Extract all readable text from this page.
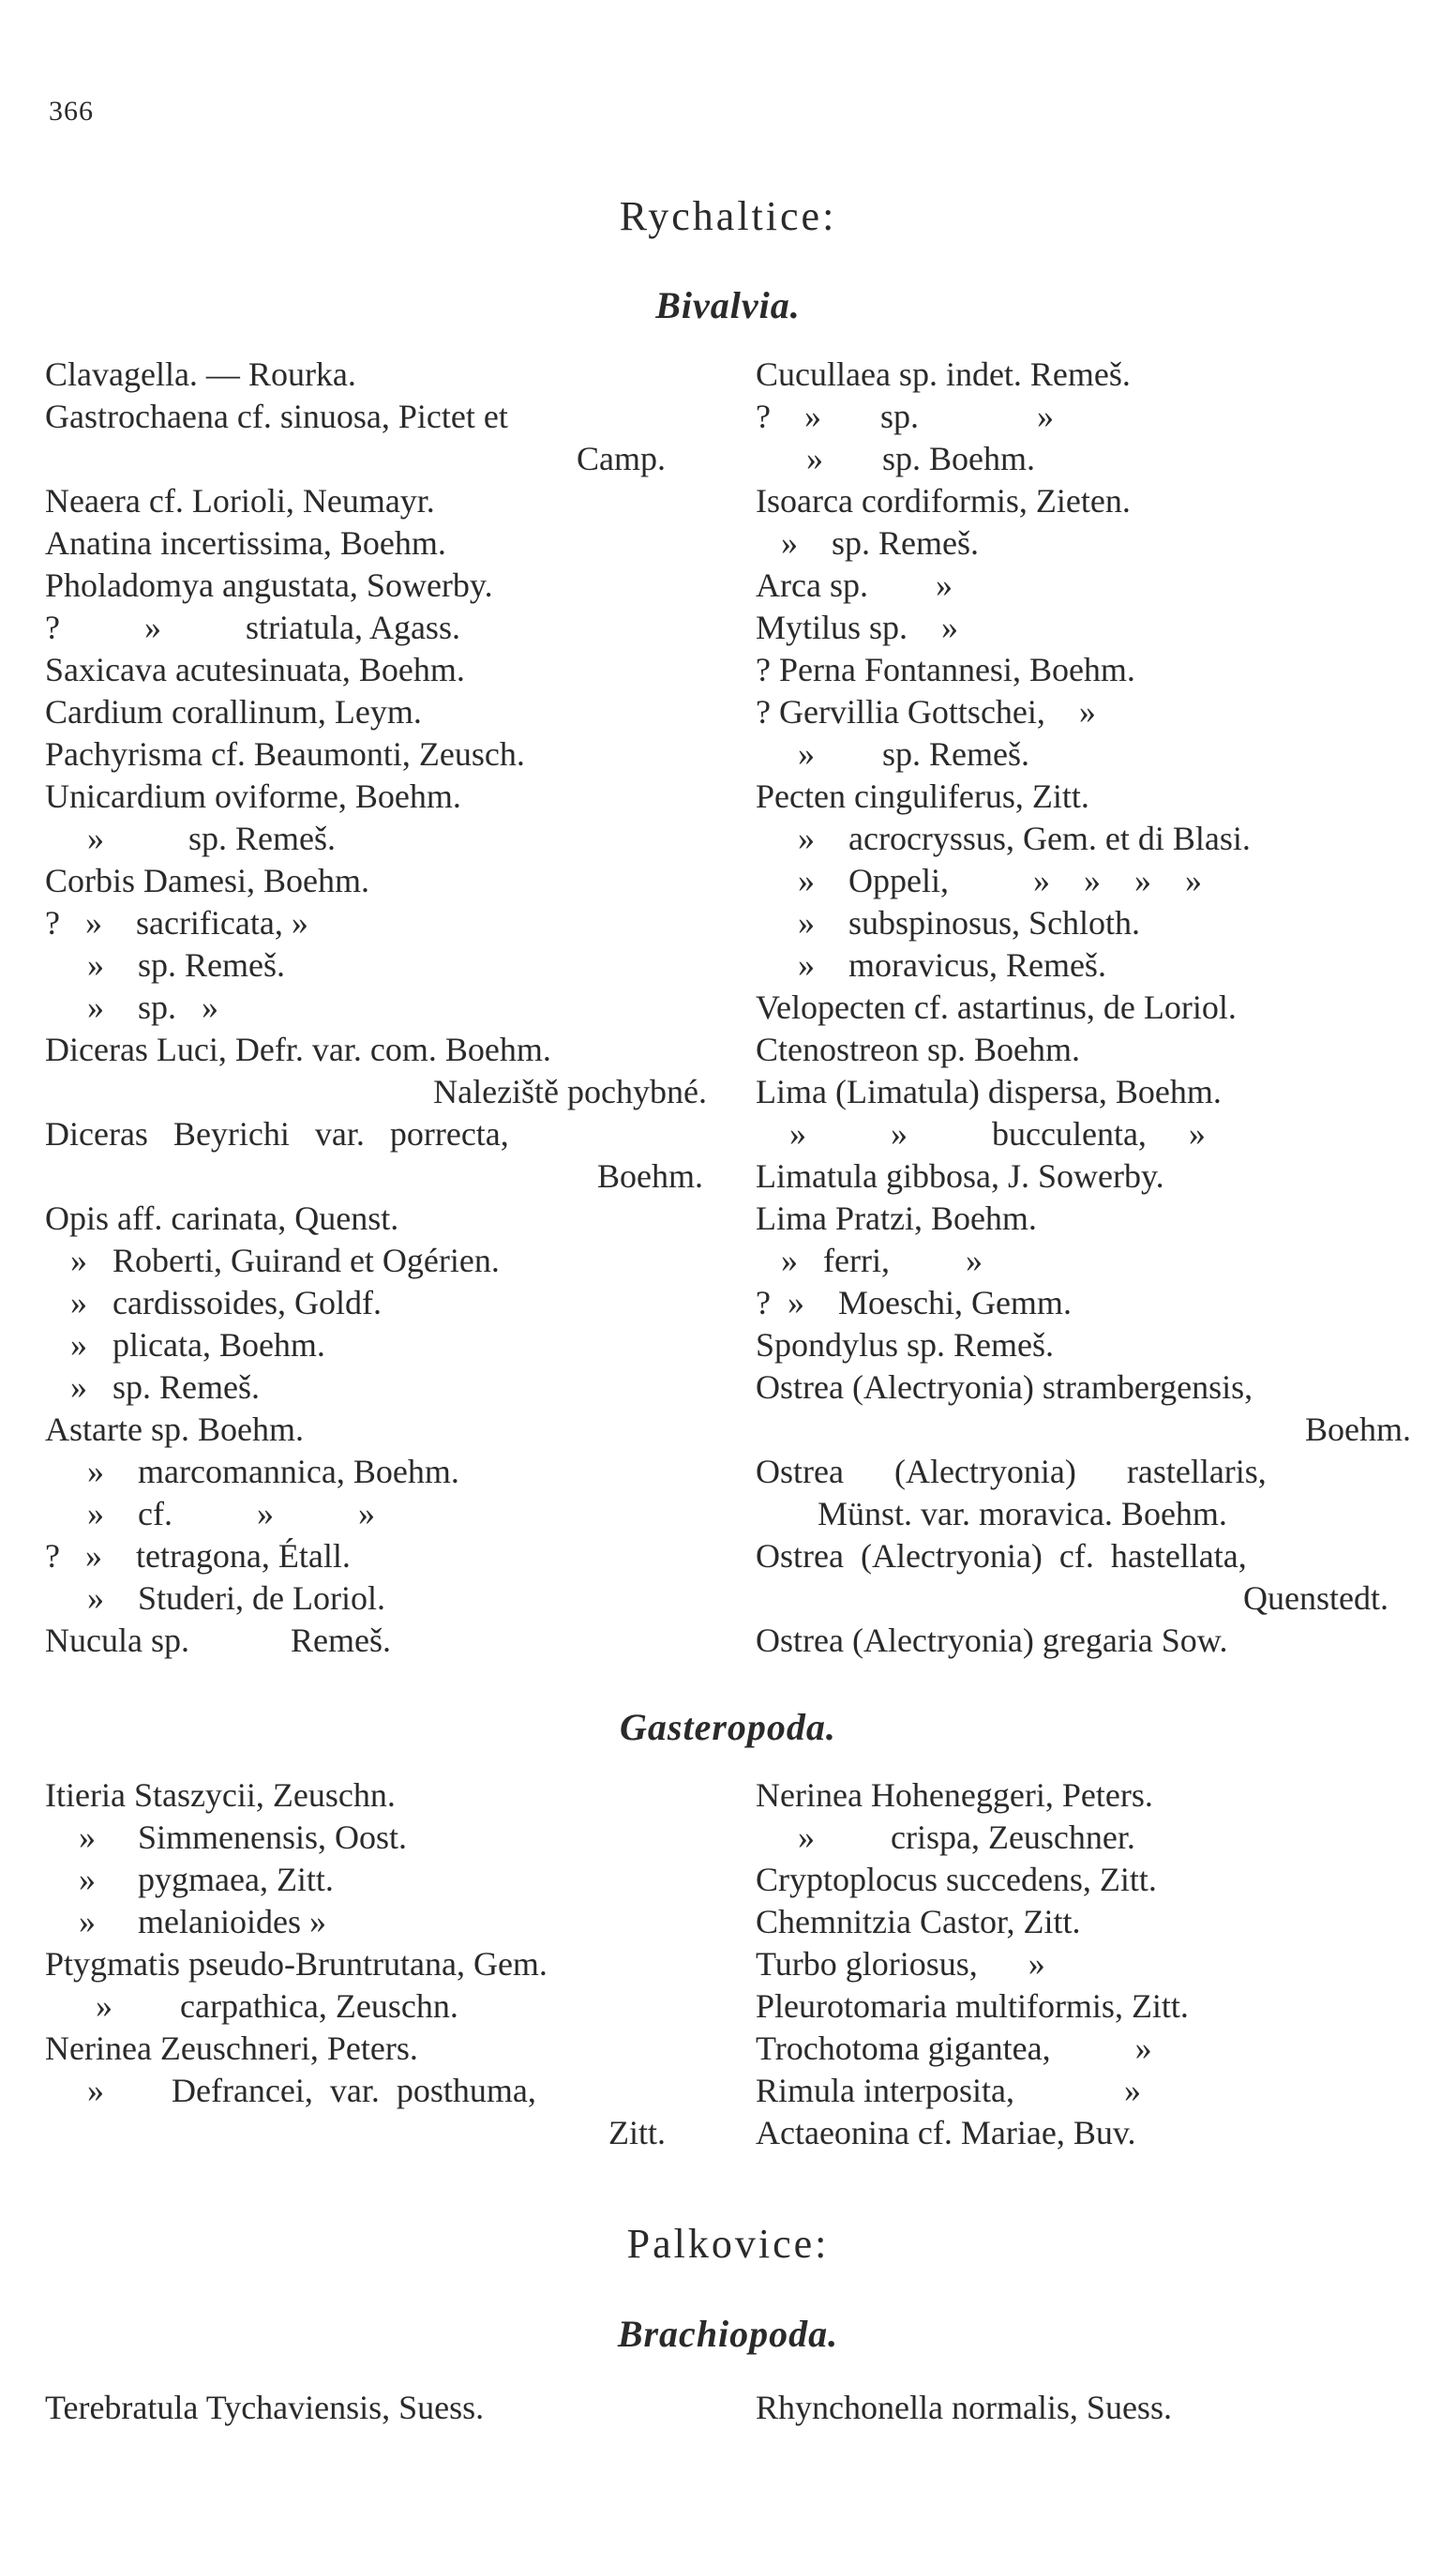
366
Rychaltice:
Bivalvia.
Clavagella. — Rourka.
Gastrochaena cf. sinuosa, Pictet et
Camp.
Neaera cf. Lorioli, Neumayr.
Anatina incertissima, Boehm.
Pholadomya angustata, Sowerby.
?          »          striatula, Agass.
Saxicava acutesinuata, Boehm.
Cardium corallinum, Leym.
Pachyrisma cf. Beaumonti, Zeusch.
Unicardium oviforme, Boehm.
»          sp. Remeš.
Corbis Damesi, Boehm.
?   »    sacrificata, »
»    sp. Remeš.
»    sp.   »
Diceras Luci, Defr. var. com. Boehm.
Naleziště pochybné.
Diceras   Beyrichi   var.   porrecta,
Boehm.
Opis aff. carinata, Quenst.
»   Roberti, Guirand et Ogérien.
»   cardissoides, Goldf.
»   plicata, Boehm.
»   sp. Remeš.
Astarte sp. Boehm.
»    marcomannica, Boehm.
»    cf.          »          »
?   »    tetragona, Étall.
»    Studeri, de Loriol.
Nucula sp.            Remeš.
Cucullaea sp. indet. Remeš.
?    »       sp.              »
»       sp. Boehm.
Isoarca cordiformis, Zieten.
»    sp. Remeš.
Arca sp.        »
Mytilus sp.    »
? Perna Fontannesi, Boehm.
? Gervillia Gottschei,    »
»        sp. Remeš.
Pecten cinguliferus, Zitt.
»    acrocryssus, Gem. et di Blasi.
»    Oppeli,          »    »    »    »
»    subspinosus, Schloth.
»    moravicus, Remeš.
Velopecten cf. astartinus, de Loriol.
Ctenostreon sp. Boehm.
Lima (Limatula) dispersa, Boehm.
»          »          bucculenta,     »
Limatula gibbosa, J. Sowerby.
Lima Pratzi, Boehm.
»   ferri,         »
?  »    Moeschi, Gemm.
Spondylus sp. Remeš.
Ostrea (Alectryonia) strambergensis,
Boehm.
Ostrea      (Alectryonia)      rastellaris,
Münst. var. moravica. Boehm.
Ostrea  (Alectryonia)  cf.  hastellata,
Quenstedt.
Ostrea (Alectryonia) gregaria Sow.
Gasteropoda.
Itieria Staszycii, Zeuschn.
»     Simmenensis, Oost.
»     pygmaea, Zitt.
»     melanioides »
Ptygmatis pseudo-Bruntrutana, Gem.
»        carpathica, Zeuschn.
Nerinea Zeuschneri, Peters.
»        Defrancei,  var.  posthuma,
Zitt.
Nerinea Hoheneggeri, Peters.
»         crispa, Zeuschner.
Cryptoplocus succedens, Zitt.
Chemnitzia Castor, Zitt.
Turbo gloriosus,      »
Pleurotomaria multiformis, Zitt.
Trochotoma gigantea,          »
Rimula interposita,             »
Actaeonina cf. Mariae, Buv.
Palkovice:
Brachiopoda.
Terebratula Tychaviensis, Suess.	Rhynchonella normalis, Suess.
